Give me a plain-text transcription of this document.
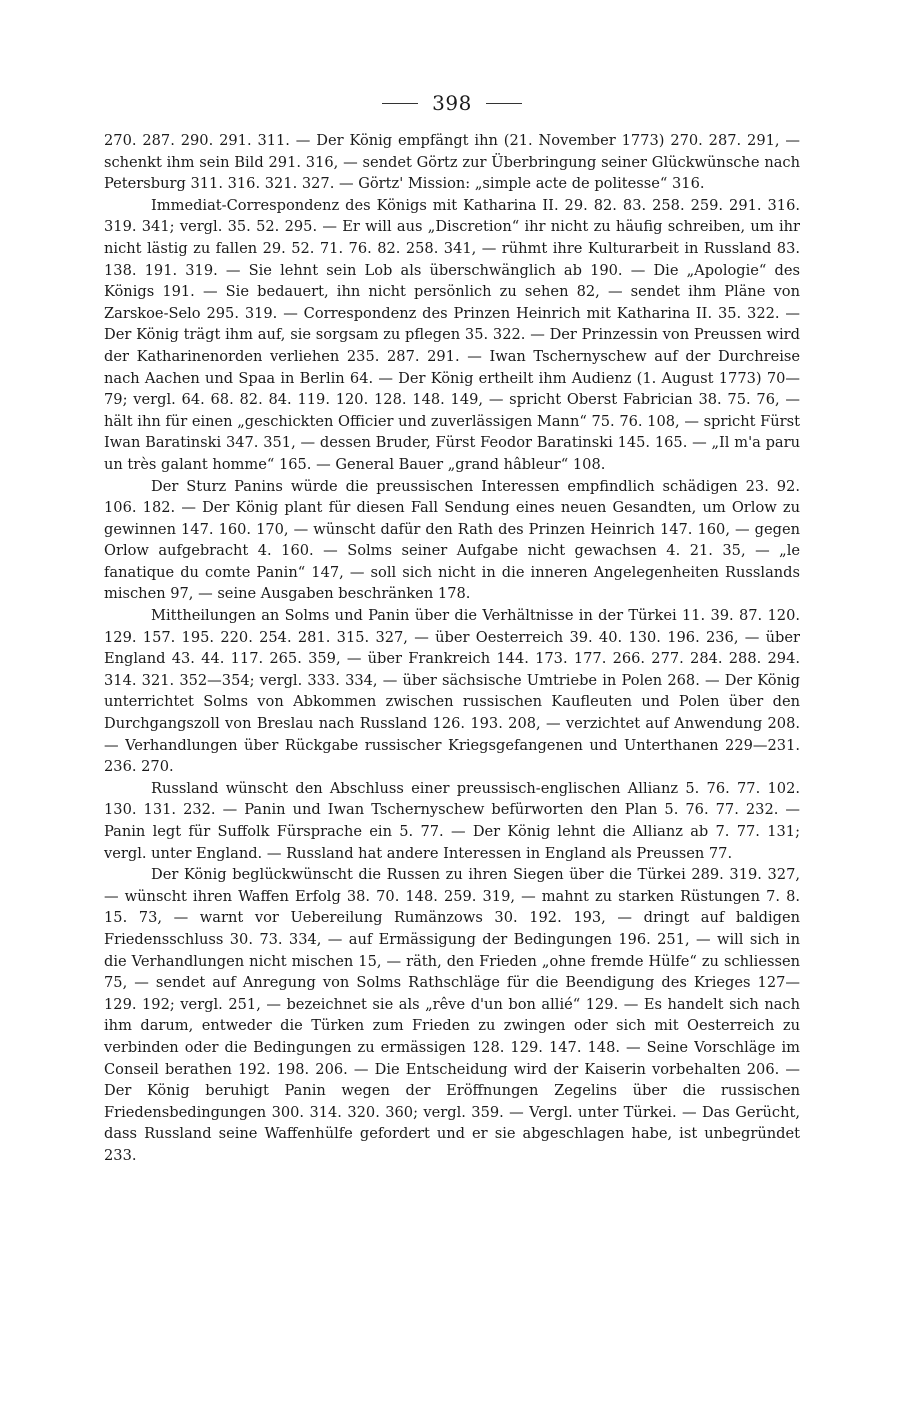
398

270. 287. 290. 291. 311. — Der König empfängt ihn (21. November 1773) 270. 287. 291, — schenkt ihm sein Bild 291. 316, — sendet Görtz zur Überbringung seiner Glückwünsche nach Petersburg 311. 316. 321. 327. — Görtz' Mission: „simple acte de politesse“ 316.

Immediat-Correspondenz des Königs mit Katharina II. 29. 82. 83. 258. 259. 291. 316. 319. 341; vergl. 35. 52. 295. — Er will aus „Discretion“ ihr nicht zu häufig schreiben, um ihr nicht lästig zu fallen 29. 52. 71. 76. 82. 258. 341, — rühmt ihre Kulturarbeit in Russland 83. 138. 191. 319. — Sie lehnt sein Lob als überschwänglich ab 190. — Die „Apologie“ des Königs 191. — Sie bedauert, ihn nicht persönlich zu sehen 82, — sendet ihm Pläne von Zarskoe-Selo 295. 319. — Correspondenz des Prinzen Heinrich mit Katharina II. 35. 322. — Der König trägt ihm auf, sie sorgsam zu pflegen 35. 322. — Der Prinzessin von Preussen wird der Katharinenorden verliehen 235. 287. 291. — Iwan Tschernyschew auf der Durchreise nach Aachen und Spaa in Berlin 64. — Der König ertheilt ihm Audienz (1. August 1773) 70—79; vergl. 64. 68. 82. 84. 119. 120. 128. 148. 149, — spricht Oberst Fabrician 38. 75. 76, — hält ihn für einen „geschickten Officier und zuverlässigen Mann“ 75. 76. 108, — spricht Fürst Iwan Baratinski 347. 351, — dessen Bruder, Fürst Feodor Baratinski 145. 165. — „Il m'a paru un très galant homme“ 165. — General Bauer „grand hâbleur“ 108.

Der Sturz Panins würde die preussischen Interessen empfindlich schädigen 23. 92. 106. 182. — Der König plant für diesen Fall Sendung eines neuen Gesandten, um Orlow zu gewinnen 147. 160. 170, — wünscht dafür den Rath des Prinzen Heinrich 147. 160, — gegen Orlow aufgebracht 4. 160. — Solms seiner Aufgabe nicht gewachsen 4. 21. 35, — „le fanatique du comte Panin“ 147, — soll sich nicht in die inneren Angelegenheiten Russlands mischen 97, — seine Ausgaben beschränken 178.

Mittheilungen an Solms und Panin über die Verhältnisse in der Türkei 11. 39. 87. 120. 129. 157. 195. 220. 254. 281. 315. 327, — über Oesterreich 39. 40. 130. 196. 236, — über England 43. 44. 117. 265. 359, — über Frankreich 144. 173. 177. 266. 277. 284. 288. 294. 314. 321. 352—354; vergl. 333. 334, — über sächsische Umtriebe in Polen 268. — Der König unterrichtet Solms von Abkommen zwischen russischen Kaufleuten und Polen über den Durchgangszoll von Breslau nach Russland 126. 193. 208, — verzichtet auf Anwendung 208. — Verhandlungen über Rückgabe russischer Kriegsgefangenen und Unterthanen 229—231. 236. 270.

Russland wünscht den Abschluss einer preussisch-englischen Allianz 5. 76. 77. 102. 130. 131. 232. — Panin und Iwan Tschernyschew befürworten den Plan 5. 76. 77. 232. — Panin legt für Suffolk Fürsprache ein 5. 77. — Der König lehnt die Allianz ab 7. 77. 131; vergl. unter England. — Russland hat andere Interessen in England als Preussen 77.

Der König beglückwünscht die Russen zu ihren Siegen über die Türkei 289. 319. 327, — wünscht ihren Waffen Erfolg 38. 70. 148. 259. 319, — mahnt zu starken Rüstungen 7. 8. 15. 73, — warnt vor Uebereilung Rumänzows 30. 192. 193, — dringt auf baldigen Friedensschluss 30. 73. 334, — auf Ermässigung der Bedingungen 196. 251, — will sich in die Verhandlungen nicht mischen 15, — räth, den Frieden „ohne fremde Hülfe“ zu schliessen 75, — sendet auf Anregung von Solms Rathschläge für die Beendigung des Krieges 127—129. 192; vergl. 251, — bezeichnet sie als „rêve d'un bon allié“ 129. — Es handelt sich nach ihm darum, entweder die Türken zum Frieden zu zwingen oder sich mit Oesterreich zu verbinden oder die Bedingungen zu ermässigen 128. 129. 147. 148. — Seine Vorschläge im Conseil berathen 192. 198. 206. — Die Entscheidung wird der Kaiserin vorbehalten 206. — Der König beruhigt Panin wegen der Eröffnungen Zegelins über die russischen Friedensbedingungen 300. 314. 320. 360; vergl. 359. — Vergl. unter Türkei. — Das Gerücht, dass Russland seine Waffenhülfe gefordert und er sie abgeschlagen habe, ist unbegründet 233.
